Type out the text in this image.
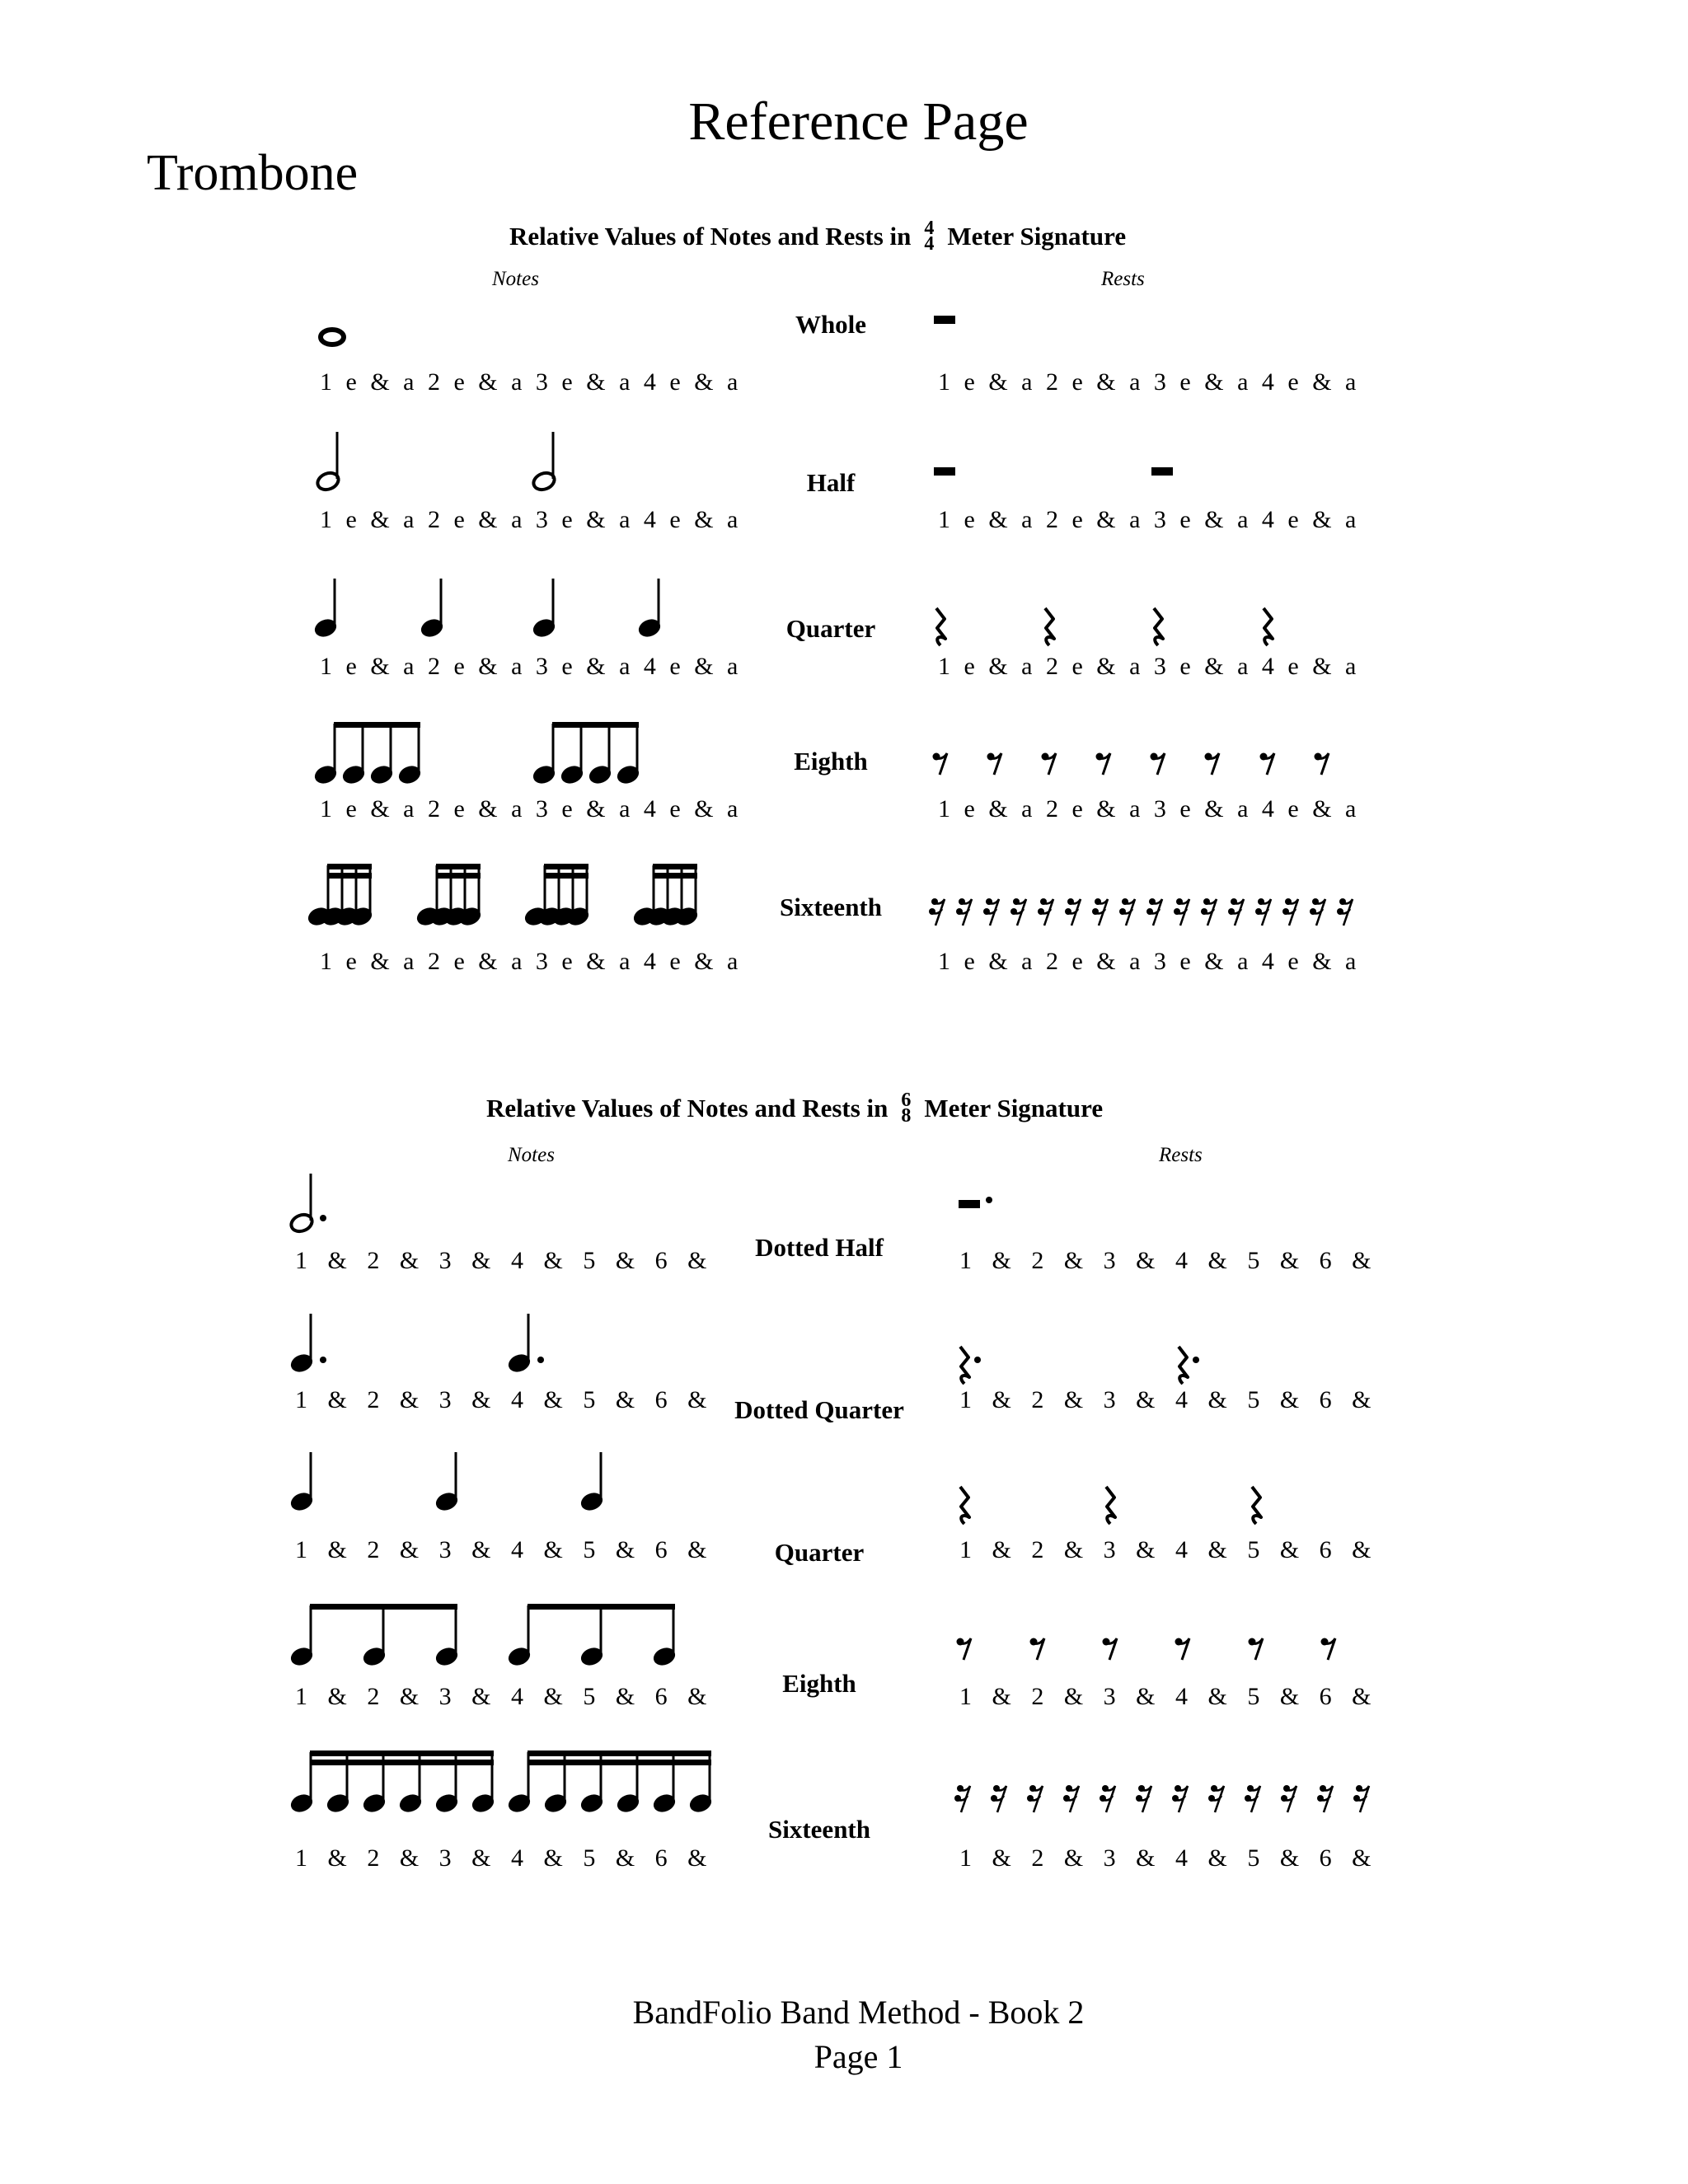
Reference Page
Trombone
Relative Values of Notes and Rests in 4
4 Meter Signature
Notes	Rests
Whole
Half
Quarter
Eighth
Sixteenth
1  e  &  a  2  e  &  a  3  e  &  a  4  e  &  a
1  e  &  a  2  e  &  a  3  e  &  a  4  e  &  a
1  e  &  a  2  e  &  a  3  e  &  a  4  e  &  a
1  e  &  a  2  e  &  a  3  e  &  a  4  e  &  a
1  e  &  a  2  e  &  a  3  e  &  a  4  e  &  a
1  e  &  a  2  e  &  a  3  e  &  a  4  e  &  a
1  e  &  a  2  e  &  a  3  e  &  a  4  e  &  a
1  e  &  a  2  e  &  a  3  e  &  a  4  e  &  a
1  e  &  a  2  e  &  a  3  e  &  a  4  e  &  a
1  e  &  a  2  e  &  a  3  e  &  a  4  e  &  a
Relative Values of Notes and Rests in 6
8 Meter Signature
Notes	Rests
Dotted Half
Dotted Quarter
Quarter
Eighth
Sixteenth
1   &   2   &   3   &   4   &   5   &   6   &
1   &   2   &   3   &   4   &   5   &   6   &
1   &   2   &   3   &   4   &   5   &   6   &
1   &   2   &   3   &   4   &   5   &   6   &
1   &   2   &   3   &   4   &   5   &   6   &
1   &   2   &   3   &   4   &   5   &   6   &
1   &   2   &   3   &   4   &   5   &   6   &
1   &   2   &   3   &   4   &   5   &   6   &
1   &   2   &   3   &   4   &   5   &   6   &
1   &   2   &   3   &   4   &   5   &   6   &
BandFolio Band Method - Book 2
Page 1
